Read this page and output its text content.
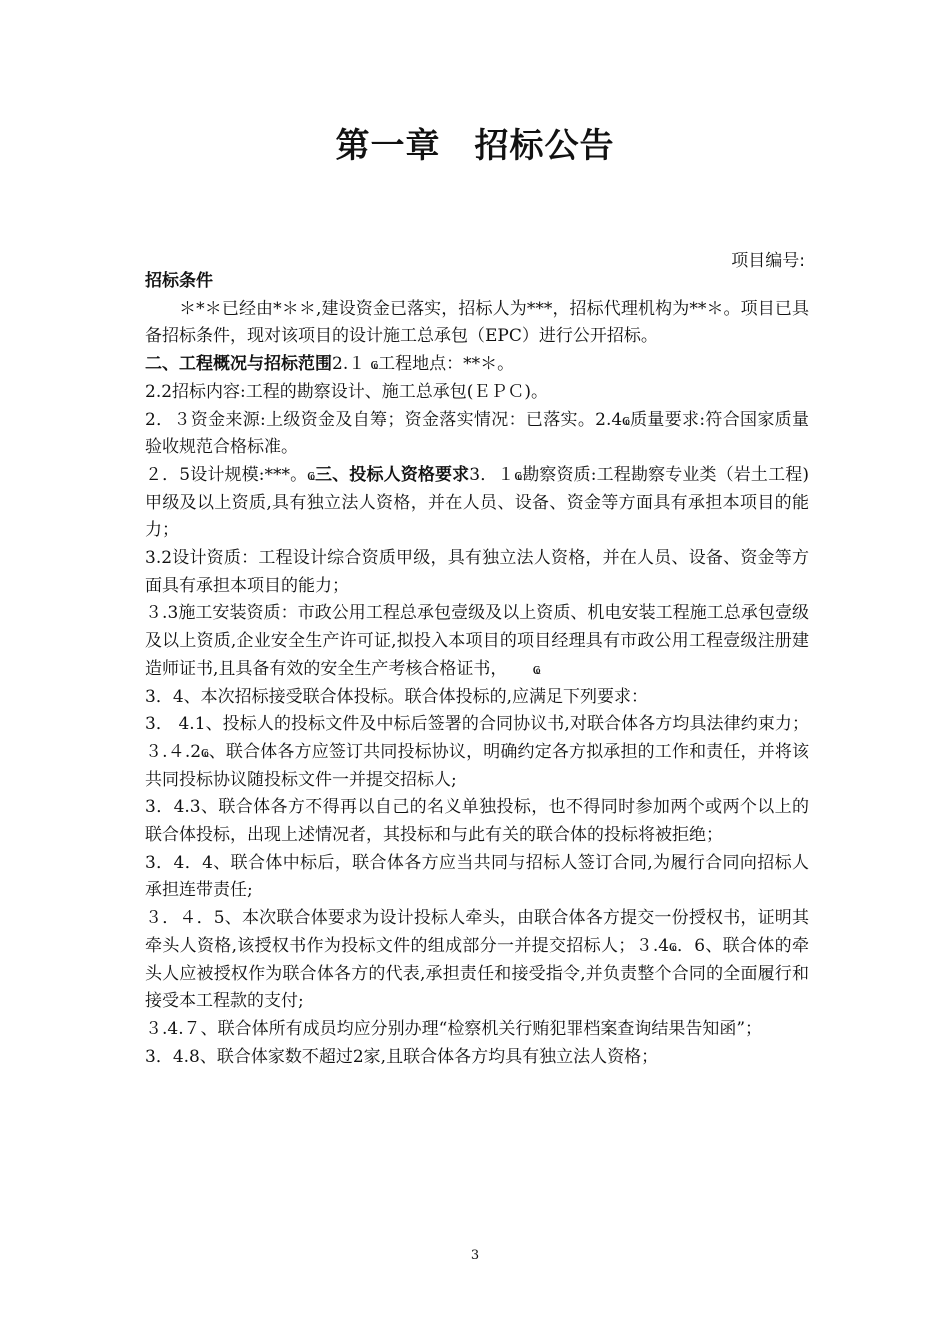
第一章 招标公告
项目编号:

招标条件

＊*＊已经由*＊＊,建设资金已落实，招标人为***，招标代理机构为**＊。项目已具备招标条件，现对该项目的设计施工总承包（EPC）进行公开招标。

二、工程概况与招标范围2.１ ҩ工程地点：**＊。

2.2招标内容:工程的勘察设计、施工总承包(ＥＰＣ)。

2．３资金来源:上级资金及自筹；资金落实情况：已落实。2.4ҩ质量要求:符合国家质量验收规范合格标准。

２．5设计规模:***。ҩ三、投标人资格要求3．１ҩ勘察资质:工程勘察专业类（岩土工程)甲级及以上资质,具有独立法人资格，并在人员、设备、资金等方面具有承担本项目的能力；

3.2设计资质：工程设计综合资质甲级，具有独立法人资格，并在人员、设备、资金等方面具有承担本项目的能力；

３.3施工安装资质：市政公用工程总承包壹级及以上资质、机电安装工程施工总承包壹级及以上资质,企业安全生产许可证,拟投入本项目的项目经理具有市政公用工程壹级注册建造师证书,且具备有效的安全生产考核合格证书，　　ҩ

3．4、本次招标接受联合体投标。联合体投标的,应满足下列要求：

3． 4.1、投标人的投标文件及中标后签署的合同协议书,对联合体各方均具法律约束力；３.４.2ҩ、联合体各方应签订共同投标协议，明确约定各方拟承担的工作和责任，并将该共同投标协议随投标文件一并提交招标人;

3．4.3、联合体各方不得再以自己的名义单独投标，也不得同时参加两个或两个以上的联合体投标，出现上述情况者，其投标和与此有关的联合体的投标将被拒绝；

3．4．4、联合体中标后，联合体各方应当共同与招标人签订合同,为履行合同向招标人承担连带责任;

３．４．5、本次联合体要求为设计投标人牵头，由联合体各方提交一份授权书，证明其牵头人资格,该授权书作为投标文件的组成部分一并提交招标人；３.4ҩ．6、联合体的牵头人应被授权作为联合体各方的代表,承担责任和接受指令,并负责整个合同的全面履行和接受本工程款的支付;

３.4.７、联合体所有成员均应分别办理“检察机关行贿犯罪档案查询结果告知函”；

3．4.8、联合体家数不超过2家,且联合体各方均具有独立法人资格；

3
